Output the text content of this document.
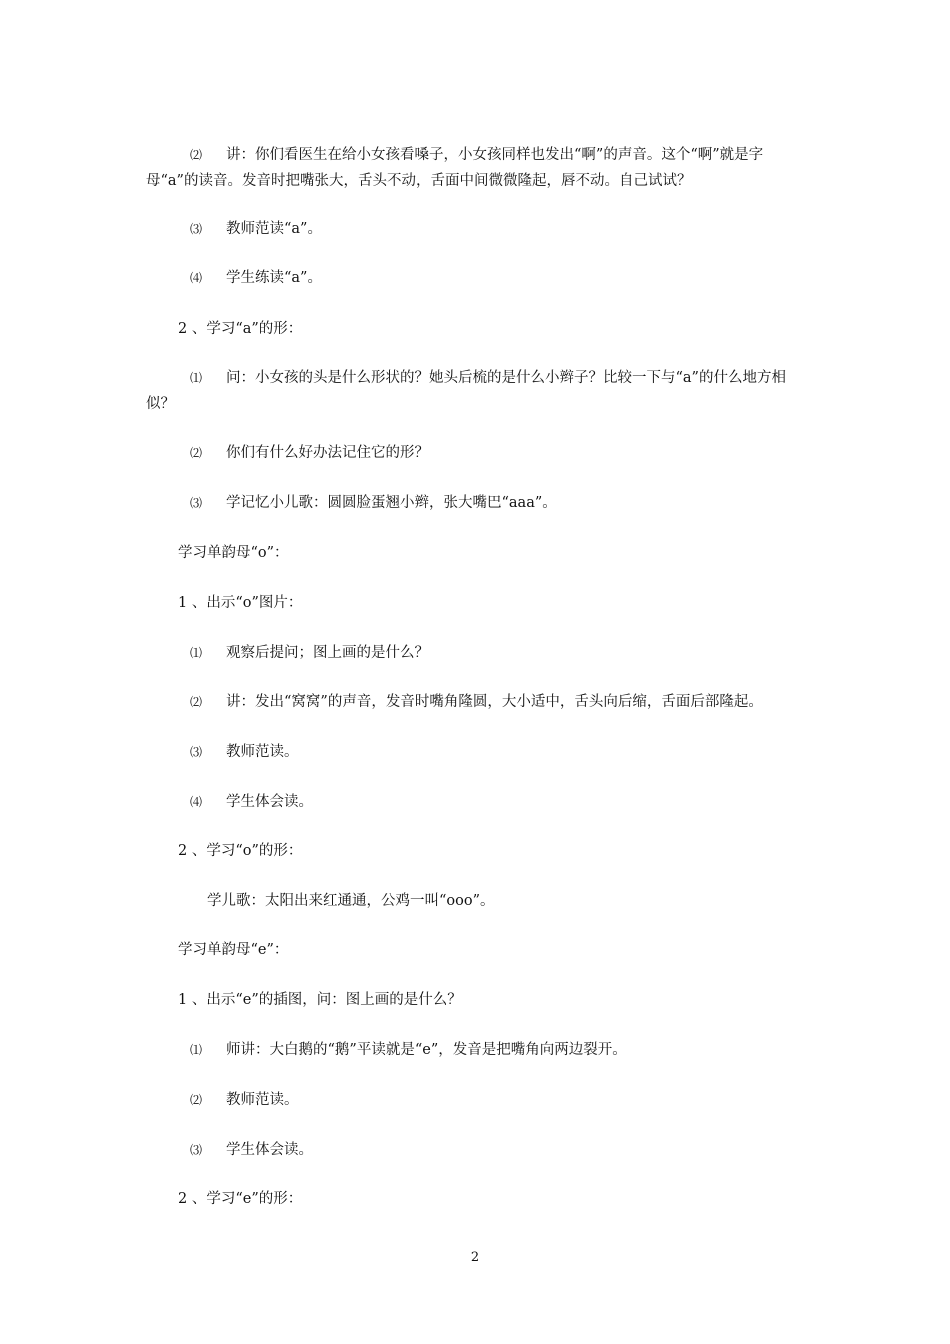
⑵ 讲：你们看医生在给小女孩看嗓子，小女孩同样也发出“啊”的声音。这个“啊”就是字母“a”的读音。发音时把嘴张大，舌头不动，舌面中间微微隆起，唇不动。自己试试？
⑶ 教师范读“a”。
⑷ 学生练读“a”。
2 、学习“a”的形：
⑴ 问：小女孩的头是什么形状的？她头后梳的是什么小辫子？比较一下与“a”的什么地方相似？
⑵ 你们有什么好办法记住它的形？
⑶ 学记忆小儿歌：圆圆脸蛋翘小辫，张大嘴巴“aaa”。
学习单韵母“o”：
1 、出示“o”图片：
⑴ 观察后提问；图上画的是什么？
⑵ 讲：发出“窝窝”的声音，发音时嘴角隆圆，大小适中，舌头向后缩，舌面后部隆起。
⑶ 教师范读。
⑷ 学生体会读。
2 、学习“o”的形：
学儿歌：太阳出来红通通，公鸡一叫“ooo”。
学习单韵母“e”：
1 、出示“e”的插图，问：图上画的是什么？
⑴ 师讲：大白鹅的“鹅”平读就是“e”，发音是把嘴角向两边裂开。
⑵ 教师范读。
⑶ 学生体会读。
2 、学习“e”的形：
2
